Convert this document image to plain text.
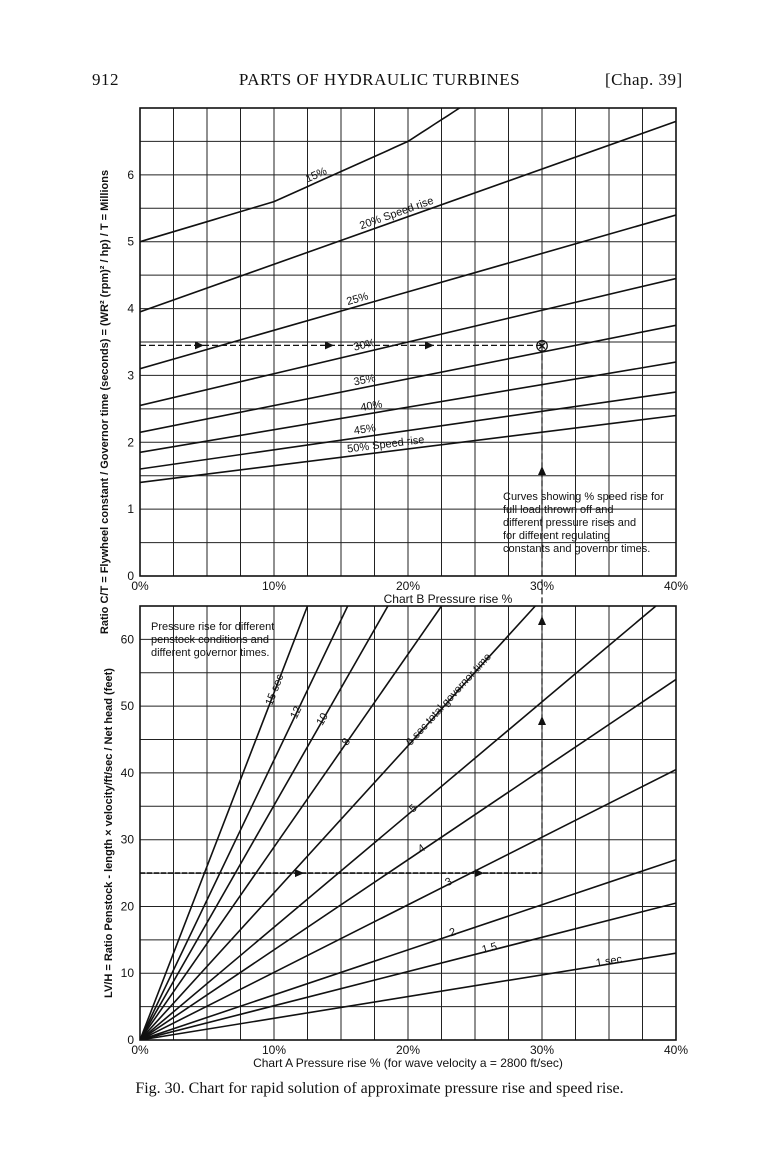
912	PARTS OF HYDRAULIC TURBINES	[Chap. 39]
15%
20% Speed rise
25%
30%
35%
40%
45%
50% Speed rise
0%	10%	20%	30%	40%
0
1
2
3
4
5
6
Chart B Pressure rise %
Ratio C/T = Flywheel constant / Governor time (seconds) = (WR² (rpm)² / hp) / T = Millions
15 sec
12 10
8	6 sec total governor time
5
4
3
2
1.5
1 sec
0%	10%	20%	30%	40%
0
10
20
30
40
50
60
Chart A Pressure rise % (for wave velocity a = 2800 ft/sec)
LV/H = Ratio Penstock - length × velocity/ft/sec / Net head (feet)
Curves showing % speed rise for full load thrown off and different pressure rises and for different regulating constants and governor times.
Pressure rise for different penstock conditions and different governor times.
⊗
Fig. 30. Chart for rapid solution of approximate pressure rise and speed rise.
